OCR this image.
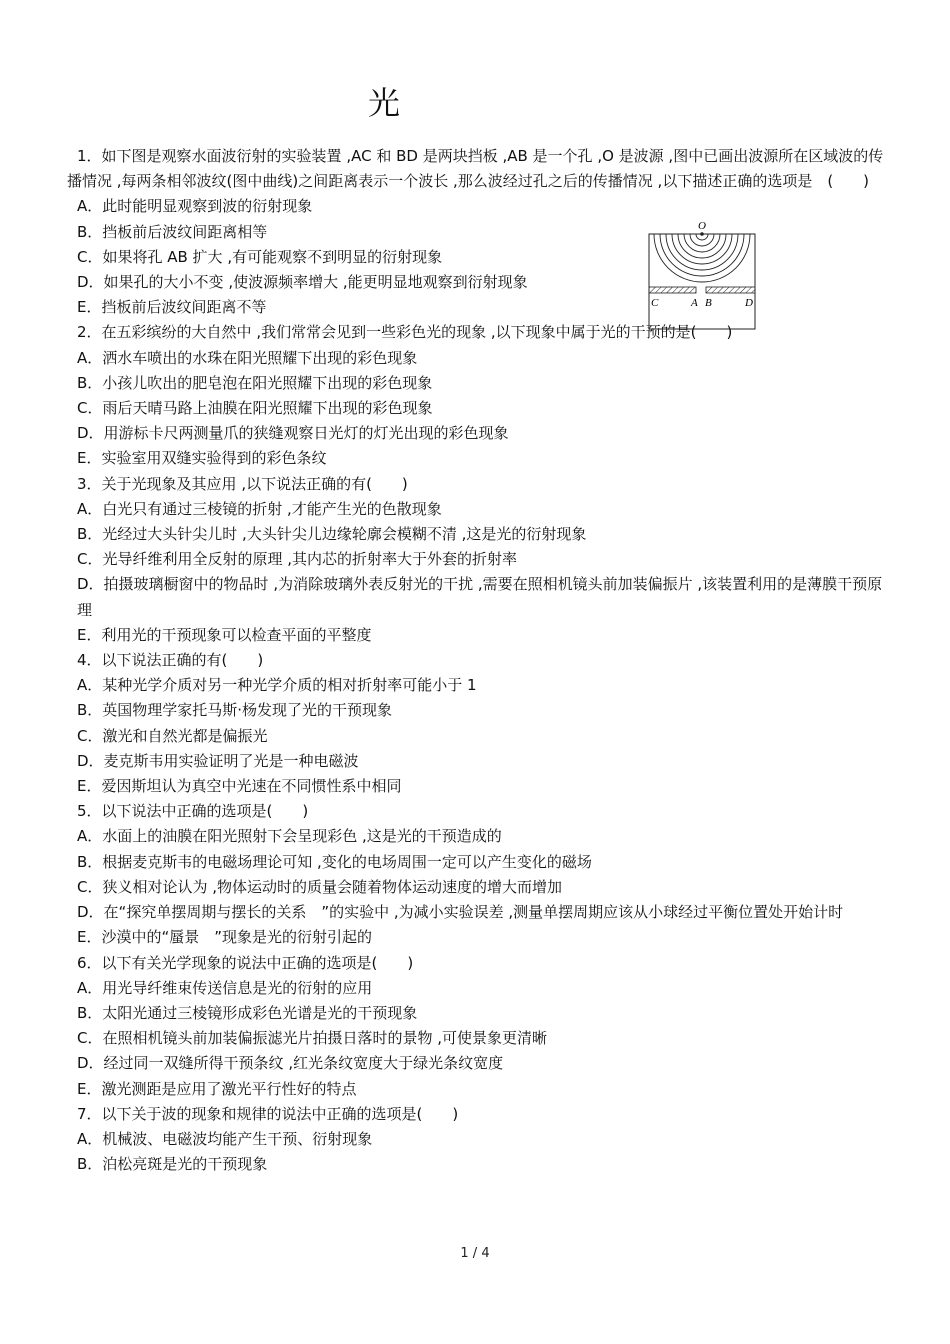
光

1．如下图是观察水面波衍射的实验装置 ,AC 和 BD 是两块挡板 ,AB 是一个孔 ,O 是波源 ,图中已画出波源所在区域波的传播情况 ,每两条相邻波纹(图中曲线)之间距离表示一个波长 ,那么波经过孔之后的传播情况 ,以下描述正确的选项是　(　　)

A．此时能明显观察到波的衍射现象

B．挡板前后波纹间距离相等

C．如果将孔 AB 扩大 ,有可能观察不到明显的衍射现象

D．如果孔的大小不变 ,使波源频率增大 ,能更明显地观察到衍射现象

E．挡板前后波纹间距离不等

2．在五彩缤纷的大自然中 ,我们常常会见到一些彩色光的现象 ,以下现象中属于光的干预的是(　　)

A．洒水车喷出的水珠在阳光照耀下出现的彩色现象

B．小孩儿吹出的肥皂泡在阳光照耀下出现的彩色现象

C．雨后天晴马路上油膜在阳光照耀下出现的彩色现象

D．用游标卡尺两测量爪的狭缝观察日光灯的灯光出现的彩色现象

E．实验室用双缝实验得到的彩色条纹

3．关于光现象及其应用 ,以下说法正确的有(　　)

A．白光只有通过三棱镜的折射 ,才能产生光的色散现象

B．光经过大头针尖儿时 ,大头针尖儿边缘轮廓会模糊不清 ,这是光的衍射现象

C．光导纤维利用全反射的原理 ,其内芯的折射率大于外套的折射率

D．拍摄玻璃橱窗中的物品时 ,为消除玻璃外表反射光的干扰 ,需要在照相机镜头前加装偏振片 ,该装置利用的是薄膜干预原理

E．利用光的干预现象可以检查平面的平整度

4．以下说法正确的有(　　)

A．某种光学介质对另一种光学介质的相对折射率可能小于 1

B．英国物理学家托马斯·杨发现了光的干预现象

C．激光和自然光都是偏振光

D．麦克斯韦用实验证明了光是一种电磁波

E．爱因斯坦认为真空中光速在不同惯性系中相同

5．以下说法中正确的选项是(　　)

A．水面上的油膜在阳光照射下会呈现彩色 ,这是光的干预造成的

B．根据麦克斯韦的电磁场理论可知 ,变化的电场周围一定可以产生变化的磁场

C．狭义相对论认为 ,物体运动时的质量会随着物体运动速度的增大而增加

D．在“探究单摆周期与摆长的关系　”的实验中 ,为减小实验误差 ,测量单摆周期应该从小球经过平衡位置处开始计时

E．沙漠中的“蜃景　”现象是光的衍射引起的

6．以下有关光学现象的说法中正确的选项是(　　)

A．用光导纤维束传送信息是光的衍射的应用

B．太阳光通过三棱镜形成彩色光谱是光的干预现象

C．在照相机镜头前加装偏振滤光片拍摄日落时的景物 ,可使景象更清晰

D．经过同一双缝所得干预条纹 ,红光条纹宽度大于绿光条纹宽度

E．激光测距是应用了激光平行性好的特点

7．以下关于波的现象和规律的说法中正确的选项是(　　)

A．机械波、电磁波均能产生干预、衍射现象

B．泊松亮斑是光的干预现象

O
C	A B	D
1 / 4
